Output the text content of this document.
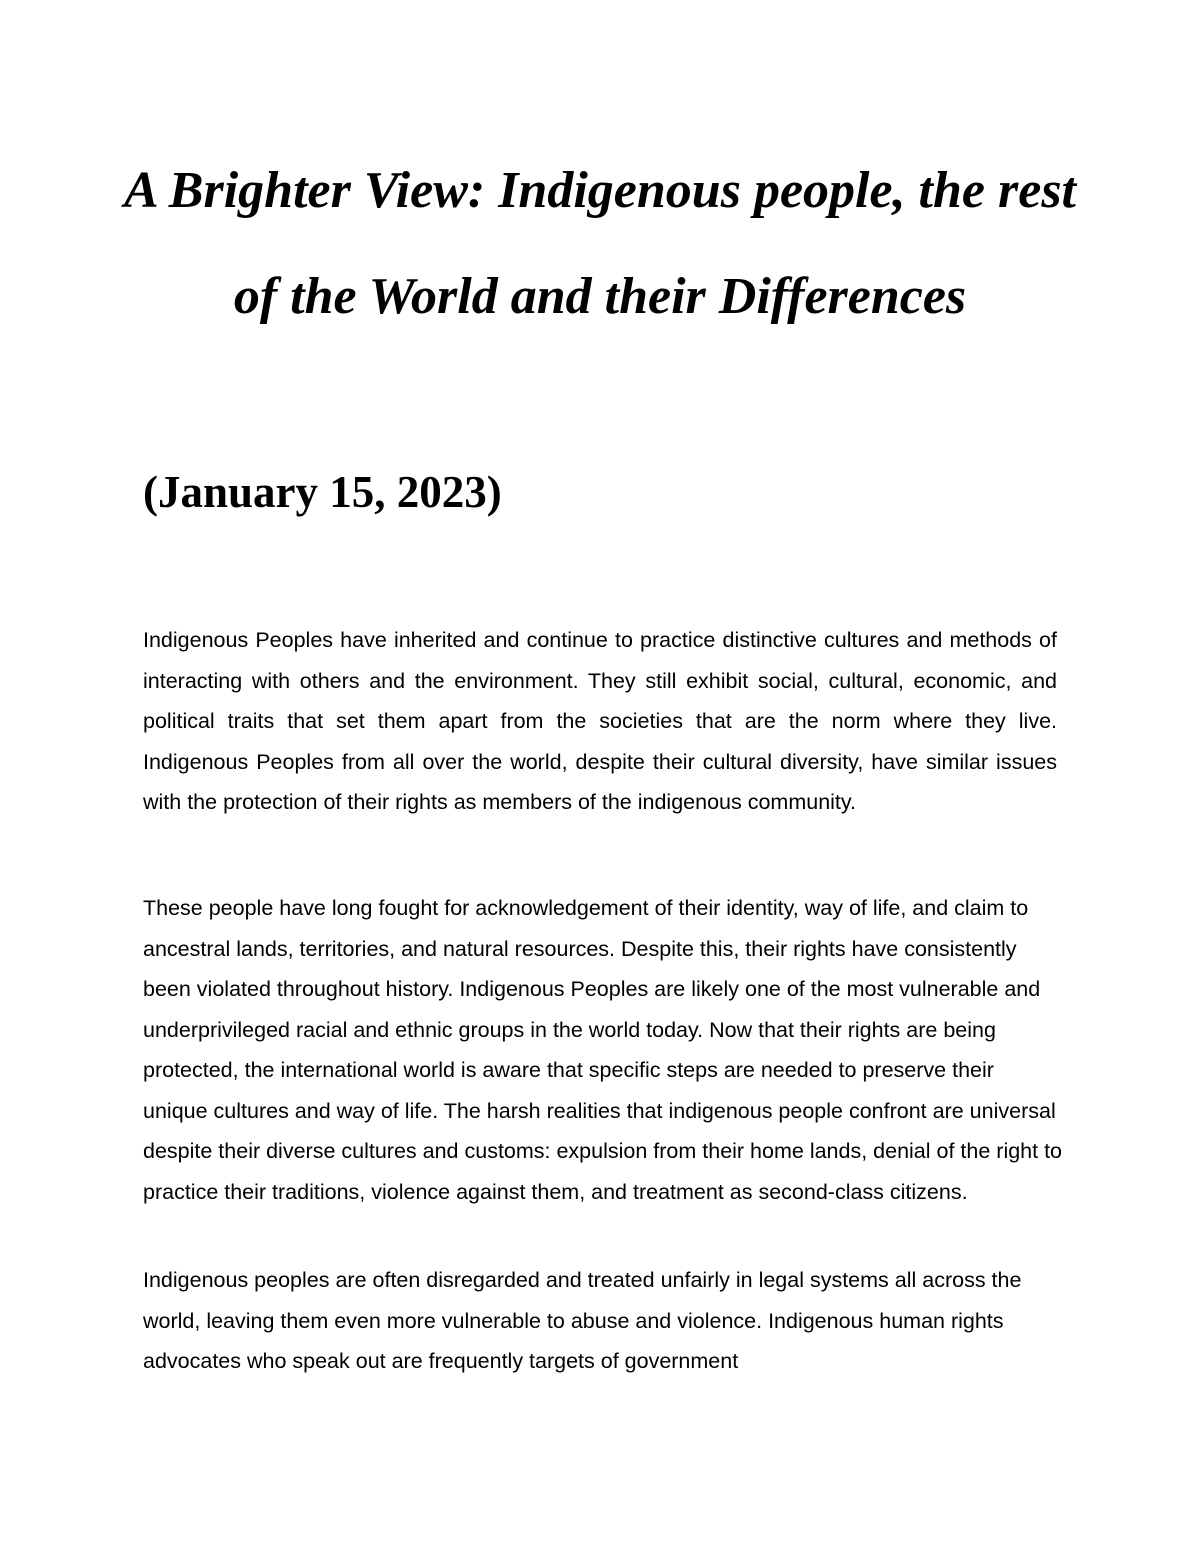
A Brighter View: Indigenous people, the rest of the World and their Differences
(January 15, 2023)

Indigenous Peoples have inherited and continue to practice distinctive cultures and methods of interacting with others and the environment. They still exhibit social, cultural, economic, and political traits that set them apart from the societies that are the norm where they live. Indigenous Peoples from all over the world, despite their cultural diversity, have similar issues with the protection of their rights as members of the indigenous community.

These people have long fought for acknowledgement of their identity, way of life, and claim to ancestral lands, territories, and natural resources. Despite this, their rights have consistently been violated throughout history. Indigenous Peoples are likely one of the most vulnerable and underprivileged racial and ethnic groups in the world today. Now that their rights are being protected, the international world is aware that specific steps are needed to preserve their unique cultures and way of life. The harsh realities that indigenous people confront are universal despite their diverse cultures and customs: expulsion from their home lands, denial of the right to practice their traditions, violence against them, and treatment as second-class citizens.

Indigenous peoples are often disregarded and treated unfairly in legal systems all across the world, leaving them even more vulnerable to abuse and violence. Indigenous human rights advocates who speak out are frequently targets of government
